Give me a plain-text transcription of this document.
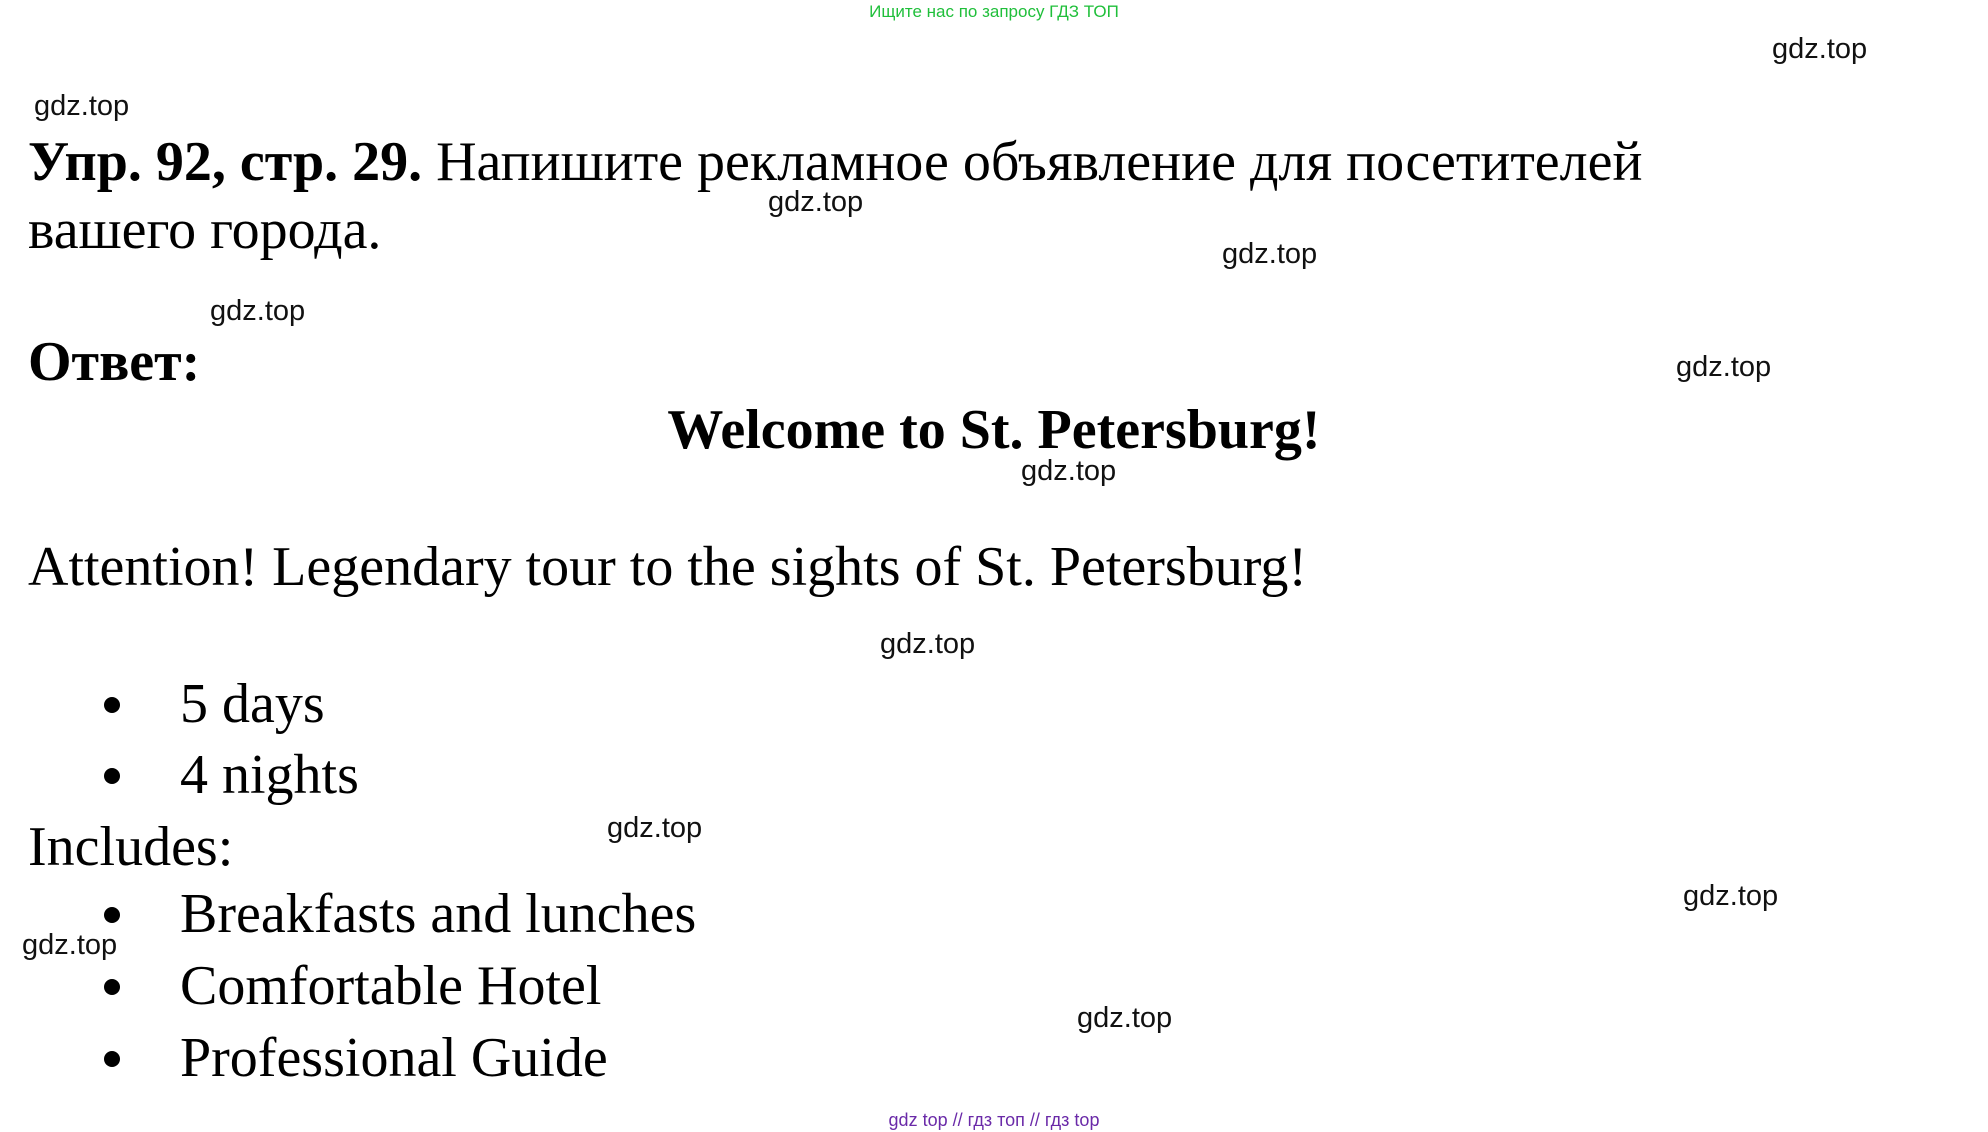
Ищите нас по запросу ГДЗ ТОП
gdz.top
gdz.top
gdz.top
gdz.top
gdz.top
gdz.top
gdz.top
gdz.top
gdz.top
gdz.top
gdz.top
gdz.top
Упр. 92, стр. 29. Напишите рекламное объявление для посетителей
вашего города.
Ответ:
Welcome to St. Petersburg!
Attention! Legendary tour to the sights of St. Petersburg!
5 days
4 nights
Includes:
Breakfasts and lunches
Comfortable Hotel
Professional Guide
gdz top // гдз топ // гдз top
